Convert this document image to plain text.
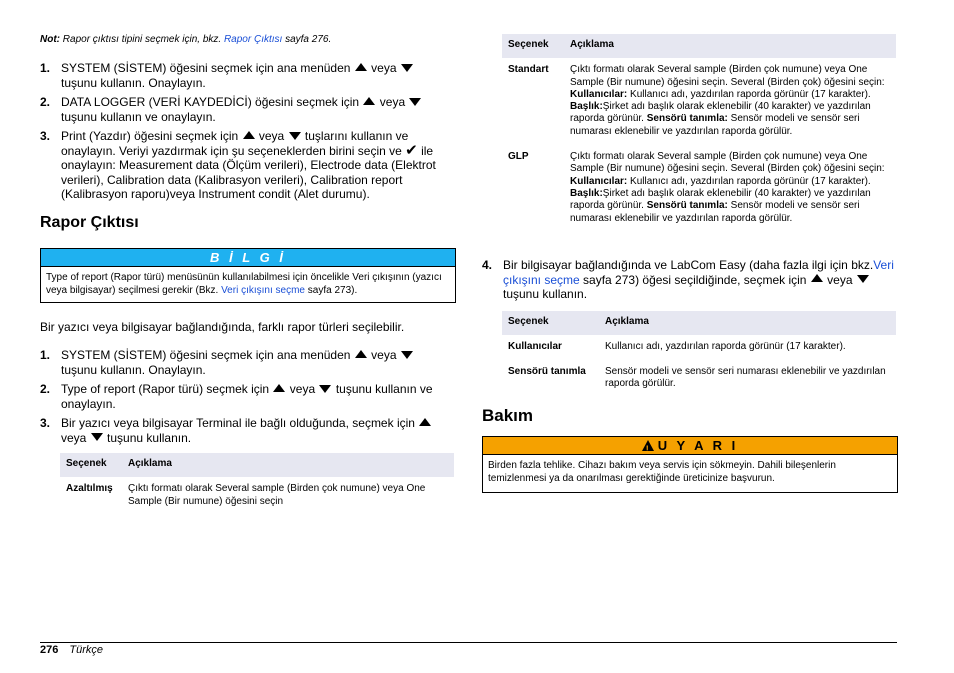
Not: Rapor çıktısı tipini seçmek için, bkz. Rapor Çıktısı sayfa 276.
1. SYSTEM (SİSTEM) öğesini seçmek için ana menüden veya  tuşunu kullanın. Onaylayın.
2. DATA LOGGER (VERİ KAYDEDİCİ) öğesini seçmek için veya  tuşunu kullanın ve onaylayın.
3. Print (Yazdır) öğesini seçmek için veya tuşlarını kullanın ve onaylayın. Veriyi yazdırmak için şu seçeneklerden birini seçin ve ✔ ile onaylayın: Measurement data (Ölçüm verileri), Electrode data (Elektrot verileri), Calibration data (Kalibrasyon verileri), Calibration report (Kalibrasyon raporu)veya Instrument condit (Alet durumu).
Rapor Çıktısı
B İ L G İ
Type of report (Rapor türü) menüsünün kullanılabilmesi için öncelikle Veri çıkışının (yazıcı veya bilgisayar) seçilmesi gerekir (Bkz. Veri çıkışını seçme sayfa 273).
Bir yazıcı veya bilgisayar bağlandığında, farklı rapor türleri seçilebilir.
1. SYSTEM (SİSTEM) öğesini seçmek için ana menüden veya  tuşunu kullanın. Onaylayın.
2. Type of report (Rapor türü) seçmek için veya tuşunu kullanın ve onaylayın.
3. Bir yazıcı veya bilgisayar Terminal ile bağlı olduğunda, seçmek için  veya tuşunu kullanın.
Seçenek	Açıklama
Azaltılmış	Çıktı formatı olarak Several sample (Birden çok numune) veya One Sample (Bir numune) öğesini seçin
Seçenek	Açıklama
Standart	Çıktı formatı olarak Several sample (Birden çok numune) veya One Sample (Bir numune) öğesini seçin. Several (Birden çok) öğesini seçin: Kullanıcılar: Kullanıcı adı, yazdırılan raporda görünür (17 karakter). Başlık:Şirket adı başlık olarak eklenebilir (40 karakter) ve yazdırılan raporda görünür. Sensörü tanımla: Sensör modeli ve sensör seri numarası eklenebilir ve yazdırılan raporda görülür.
GLP	Çıktı formatı olarak Several sample (Birden çok numune) veya One Sample (Bir numune) öğesini seçin. Several (Birden çok) öğesini seçin: Kullanıcılar: Kullanıcı adı, yazdırılan raporda görünür (17 karakter). Başlık:Şirket adı başlık olarak eklenebilir (40 karakter) ve yazdırılan raporda görünür. Sensörü tanımla: Sensör modeli ve sensör seri numarası eklenebilir ve yazdırılan raporda görülür.
4. Bir bilgisayar bağlandığında ve LabCom Easy (daha fazla ilgi için bkz.Veri çıkışını seçme sayfa 273) öğesi seçildiğinde, seçmek için veya  tuşunu kullanın.
Seçenek	Açıklama
Kullanıcılar	Kullanıcı adı, yazdırılan raporda görünür (17 karakter).
Sensörü tanımla	Sensör modeli ve sensör seri numarası eklenebilir ve yazdırılan raporda görülür.
Bakım
!U Y A R I
Birden fazla tehlike. Cihazı bakım veya servis için sökmeyin. Dahili bileşenlerin temizlenmesi ya da onarılması gerektiğinde üreticinize başvurun.
276 Türkçe
